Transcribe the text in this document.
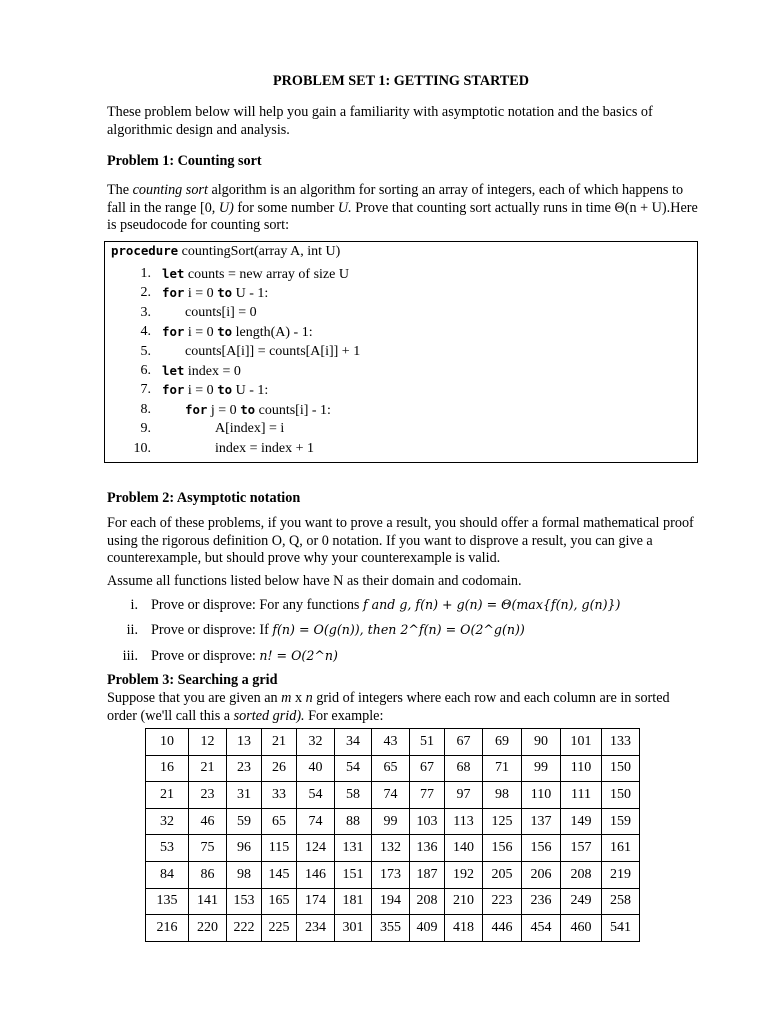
PROBLEM SET 1: GETTING STARTED
These problem below will help you gain a familiarity with asymptotic notation and the basics of algorithmic design and analysis.
Problem 1: Counting sort
The counting sort algorithm is an algorithm for sorting an array of integers, each of which happens to fall in the range [0, U) for some number U. Prove that counting sort actually runs in time Θ(n + U).Here is pseudocode for counting sort:
procedure countingSort(array A, int U)
1. let counts = new array of size U
2. for i = 0 to U - 1:
3. counts[i] = 0
4. for i = 0 to length(A) - 1:
5. counts[A[i]] = counts[A[i]] + 1
6. let index = 0
7. for i = 0 to U - 1:
8.	for j = 0 to counts[i] - 1:
9.	A[index] = i
10.	index = index + 1
Problem 2: Asymptotic notation
For each of these problems, if you want to prove a result, you should offer a formal mathematical proof using the rigorous definition O, Q, or 0 notation. If you want to disprove a result, you can give a counterexample, but should prove why your counterexample is valid.
Assume all functions listed below have N as their domain and codomain.
i. Prove or disprove: For any functions f and g, f(n) + g(n) = Θ(max{f(n), g(n)})
ii. Prove or disprove: If f(n) = O(g(n)), then 2^f(n) = O(2^g(n))
iii. Prove or disprove: n! = O(2^n)
Problem 3: Searching a grid
Suppose that you are given an m x n grid of integers where each row and each column are in sorted order (we'll call this a sorted grid). For example:
10	12	13	21	32	34	43	51	67	69	90	101	133
16	21	23	26	40	54	65	67	68	71	99	110	150
21	23	31	33	54	58	74	77	97	98	110	111	150
32	46	59	65	74	88	99	103	113	125	137	149	159
53	75	96	115	124	131	132	136	140	156	156	157	161
84	86	98	145	146	151	173	187	192	205	206	208	219
135	141	153	165	174	181	194	208	210	223	236	249	258
216	220	222	225	234	301	355	409	418	446	454	460	541
